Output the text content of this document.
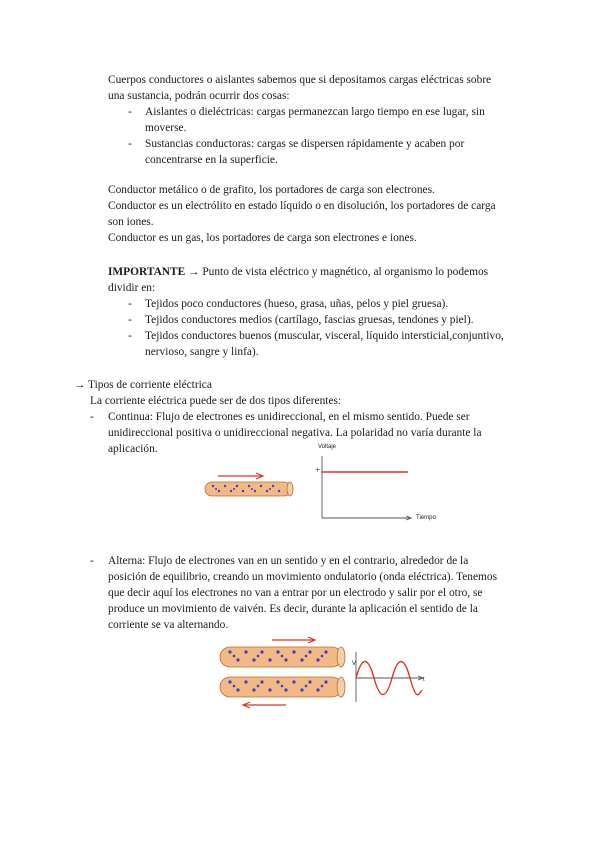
Cuerpos conductores o aislantes sabemos que si depositamos cargas eléctricas sobre
una sustancia, podrán ocurrir dos cosas:
- Aislantes o dieléctricas: cargas permanezcan largo tiempo en ese lugar, sin
moverse.
- Sustancias conductoras: cargas se dispersen rápidamente y acaben por
concentrarse en la superficie.
Conductor metálico o de grafito, los portadores de carga son electrones.
Conductor es un electrólito en estado líquido o en disolución, los portadores de carga
son iones.
Conductor es un gas, los portadores de carga son electrones e iones.
IMPORTANTE → Punto de vista eléctrico y magnético, al organismo lo podemos
dividir en:
- Tejidos poco conductores (hueso, grasa, uñas, pelos y piel gruesa).
- Tejidos conductores medios (cartílago, fascias gruesas, tendones y piel).
- Tejidos conductores buenos (muscular, visceral, líquido intersticial,conjuntivo,
nervioso, sangre y linfa).
→ Tipos de corriente eléctrica
La corriente eléctrica puede ser de dos tipos diferentes:
- Continua: Flujo de electrones es unidireccional, en el mismo sentido. Puede ser
unidireccional positiva o unidireccional negativa. La polaridad no varía durante la
aplicación.	Voltaje
+
Tiempo
- Alterna: Flujo de electrones van en un sentido y en el contrario, alrededor de la
posición de equilibrio, creando un movimiento ondulatorio (onda eléctrica). Tenemos
que decir aquí los electrones no van a entrar por un electrodo y salir por el otro, se
produce un movimiento de vaivén. Es decir, durante la aplicación el sentido de la
corriente se va alternando.
V
t
